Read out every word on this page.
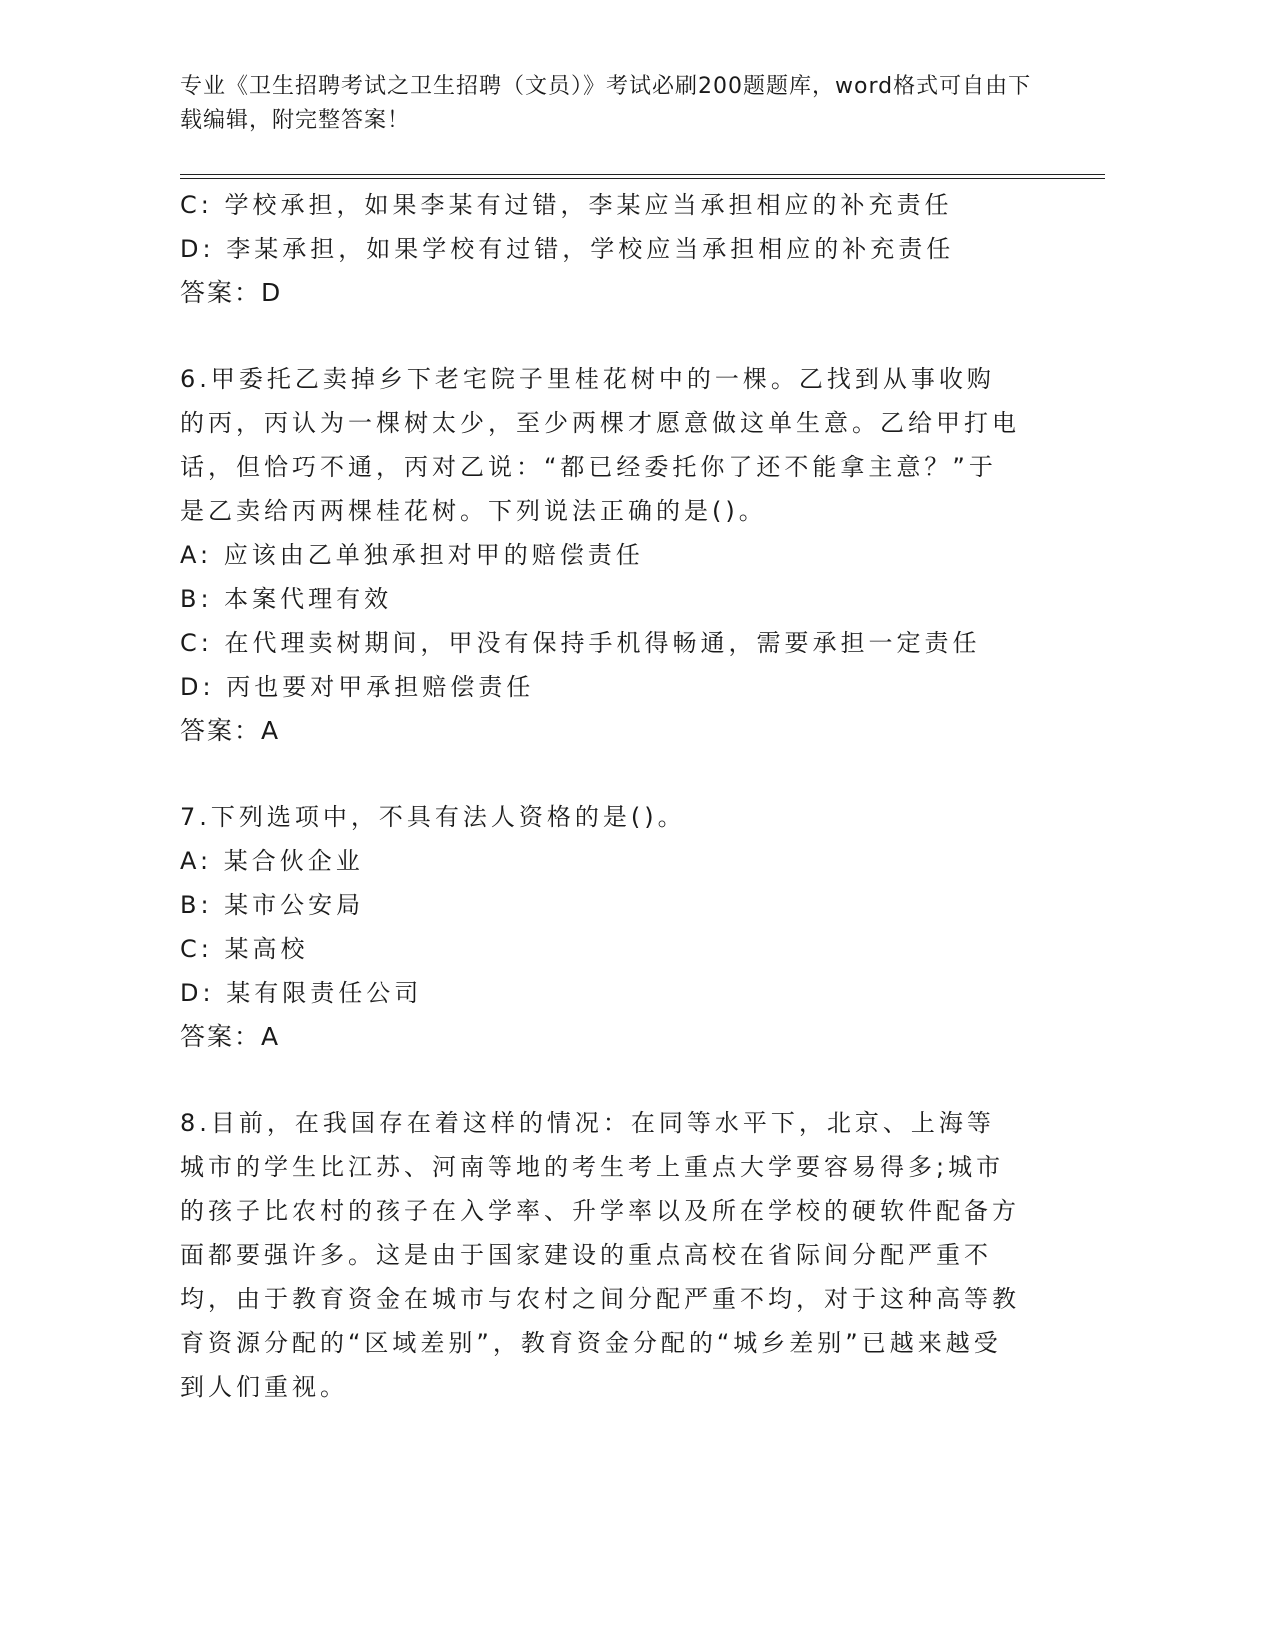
专业《卫生招聘考试之卫生招聘（文员）》考试必刷200题题库，word格式可自由下载编辑，附完整答案！
C: 学校承担，如果李某有过错，李某应当承担相应的补充责任
D: 李某承担，如果学校有过错，学校应当承担相应的补充责任
答案：D
6.甲委托乙卖掉乡下老宅院子里桂花树中的一棵。乙找到从事收购的丙，丙认为一棵树太少，至少两棵才愿意做这单生意。乙给甲打电话，但恰巧不通，丙对乙说：“都已经委托你了还不能拿主意？”于是乙卖给丙两棵桂花树。下列说法正确的是()。
A: 应该由乙单独承担对甲的赔偿责任
B: 本案代理有效
C: 在代理卖树期间，甲没有保持手机得畅通，需要承担一定责任
D: 丙也要对甲承担赔偿责任
答案：A
7.下列选项中，不具有法人资格的是()。
A: 某合伙企业
B: 某市公安局
C: 某高校
D: 某有限责任公司
答案：A
8.目前，在我国存在着这样的情况：在同等水平下，北京、上海等城市的学生比江苏、河南等地的考生考上重点大学要容易得多;城市的孩子比农村的孩子在入学率、升学率以及所在学校的硬软件配备方面都要强许多。这是由于国家建设的重点高校在省际间分配严重不均，由于教育资金在城市与农村之间分配严重不均，对于这种高等教育资源分配的“区域差别”，教育资金分配的“城乡差别”已越来越受到人们重视。
